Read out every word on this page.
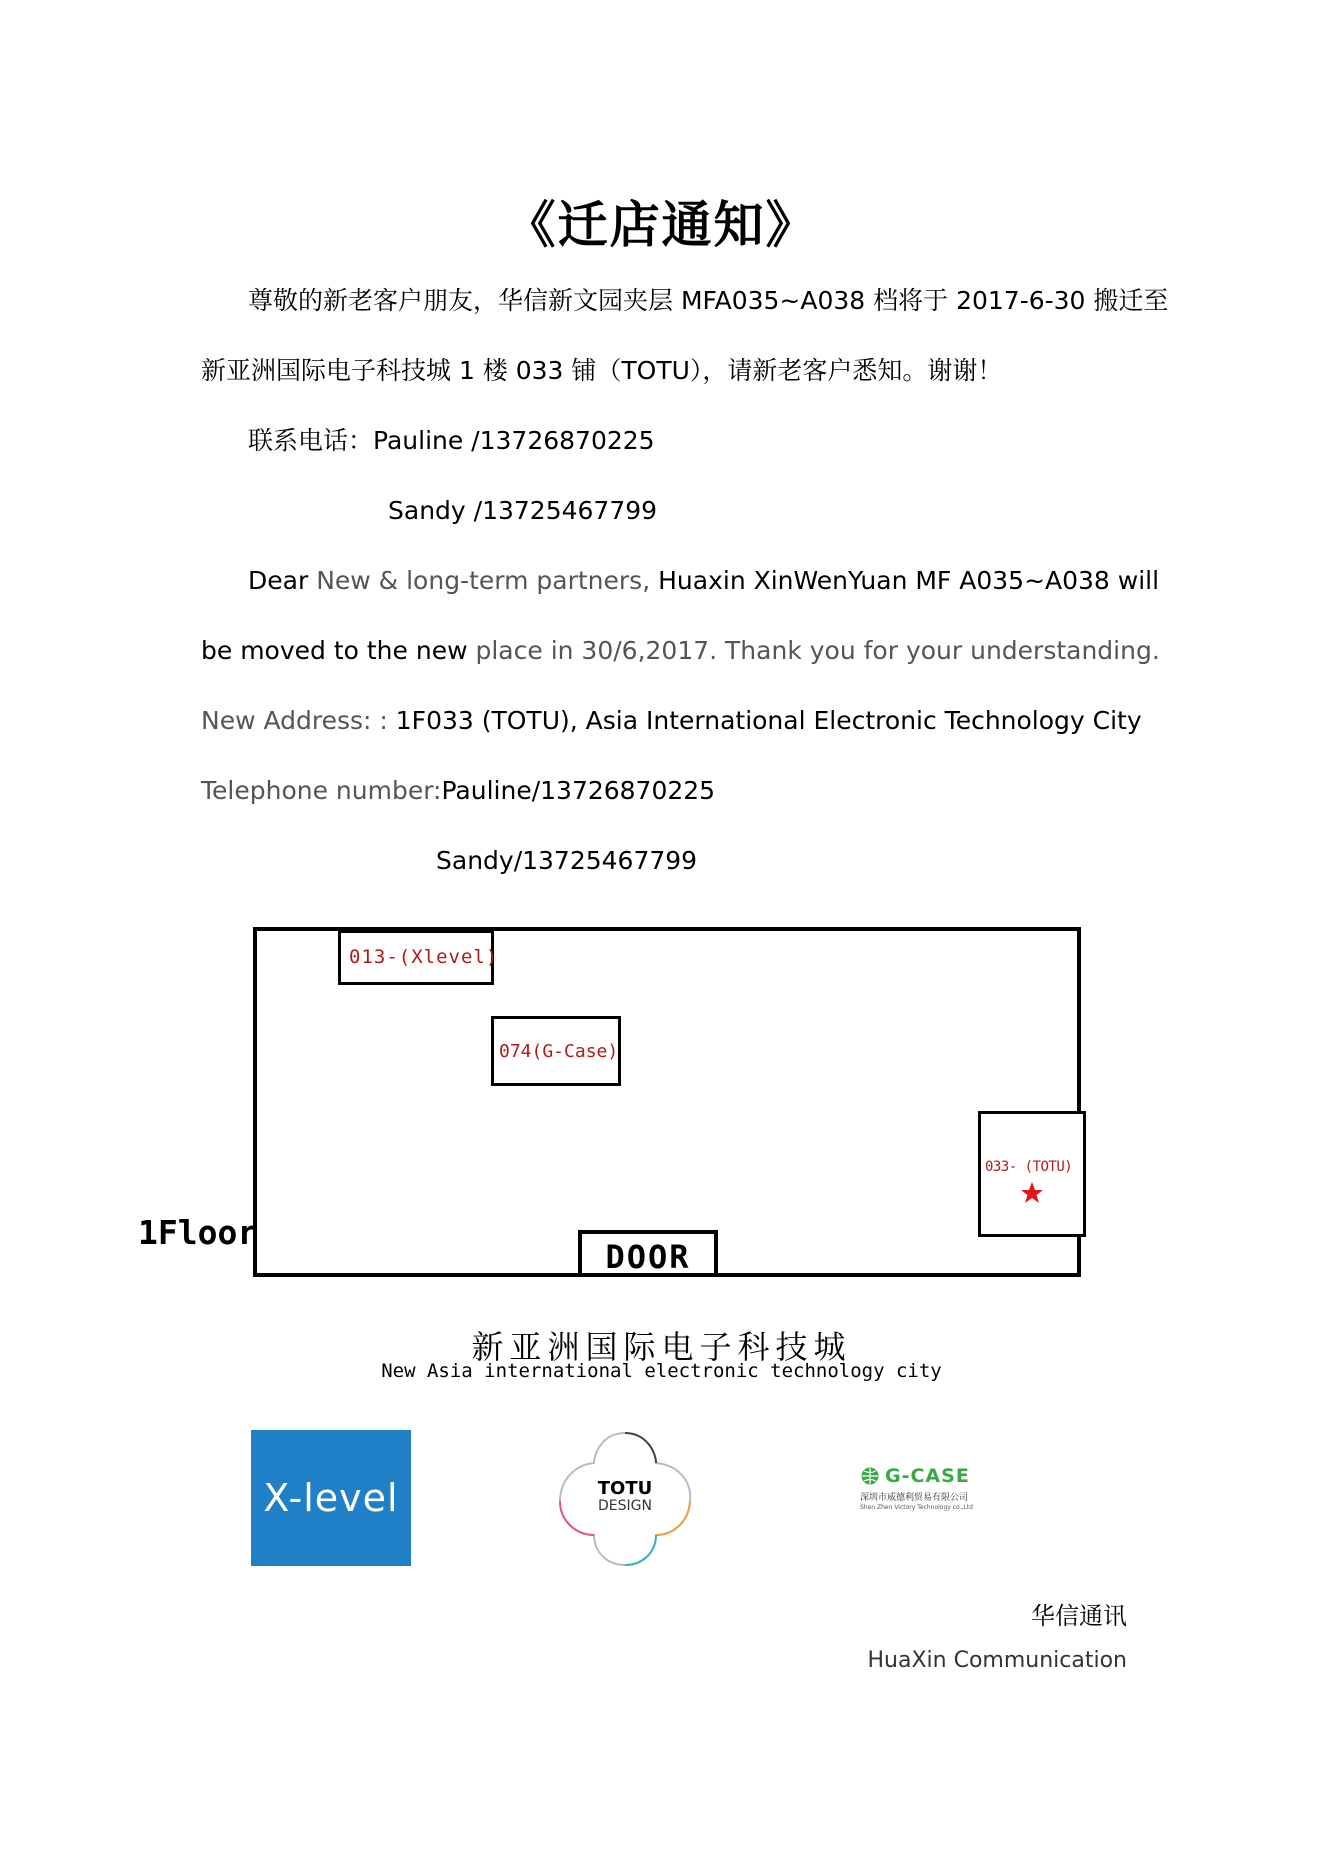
《迁店通知》
尊敬的新老客户朋友，华信新文园夹层 MFA035~A038 档将于 2017-6-30 搬迁至
新亚洲国际电子科技城 1 楼 033 铺（TOTU），请新老客户悉知。谢谢！
联系电话：Pauline /13726870225
Sandy /13725467799
Dear New & long-term partners, Huaxin XinWenYuan MF A035~A038 will
be moved to the new place in 30/6,2017. Thank you for your understanding.
New Address: : 1F033 (TOTU), Asia International Electronic Technology City
Telephone number:Pauline/13726870225
Sandy/13725467799
013-(Xlevel)
074(G-Case)
033- (TOTU)
1Floor
DOOR
新亚洲国际电子科技城
New Asia international electronic technology city
X-level	TOTU
DESIGN
G-CASE
深圳市威德利贸易有限公司
Shen Zhen Victory Technology co.,Ltd
华信通讯
HuaXin Communication
